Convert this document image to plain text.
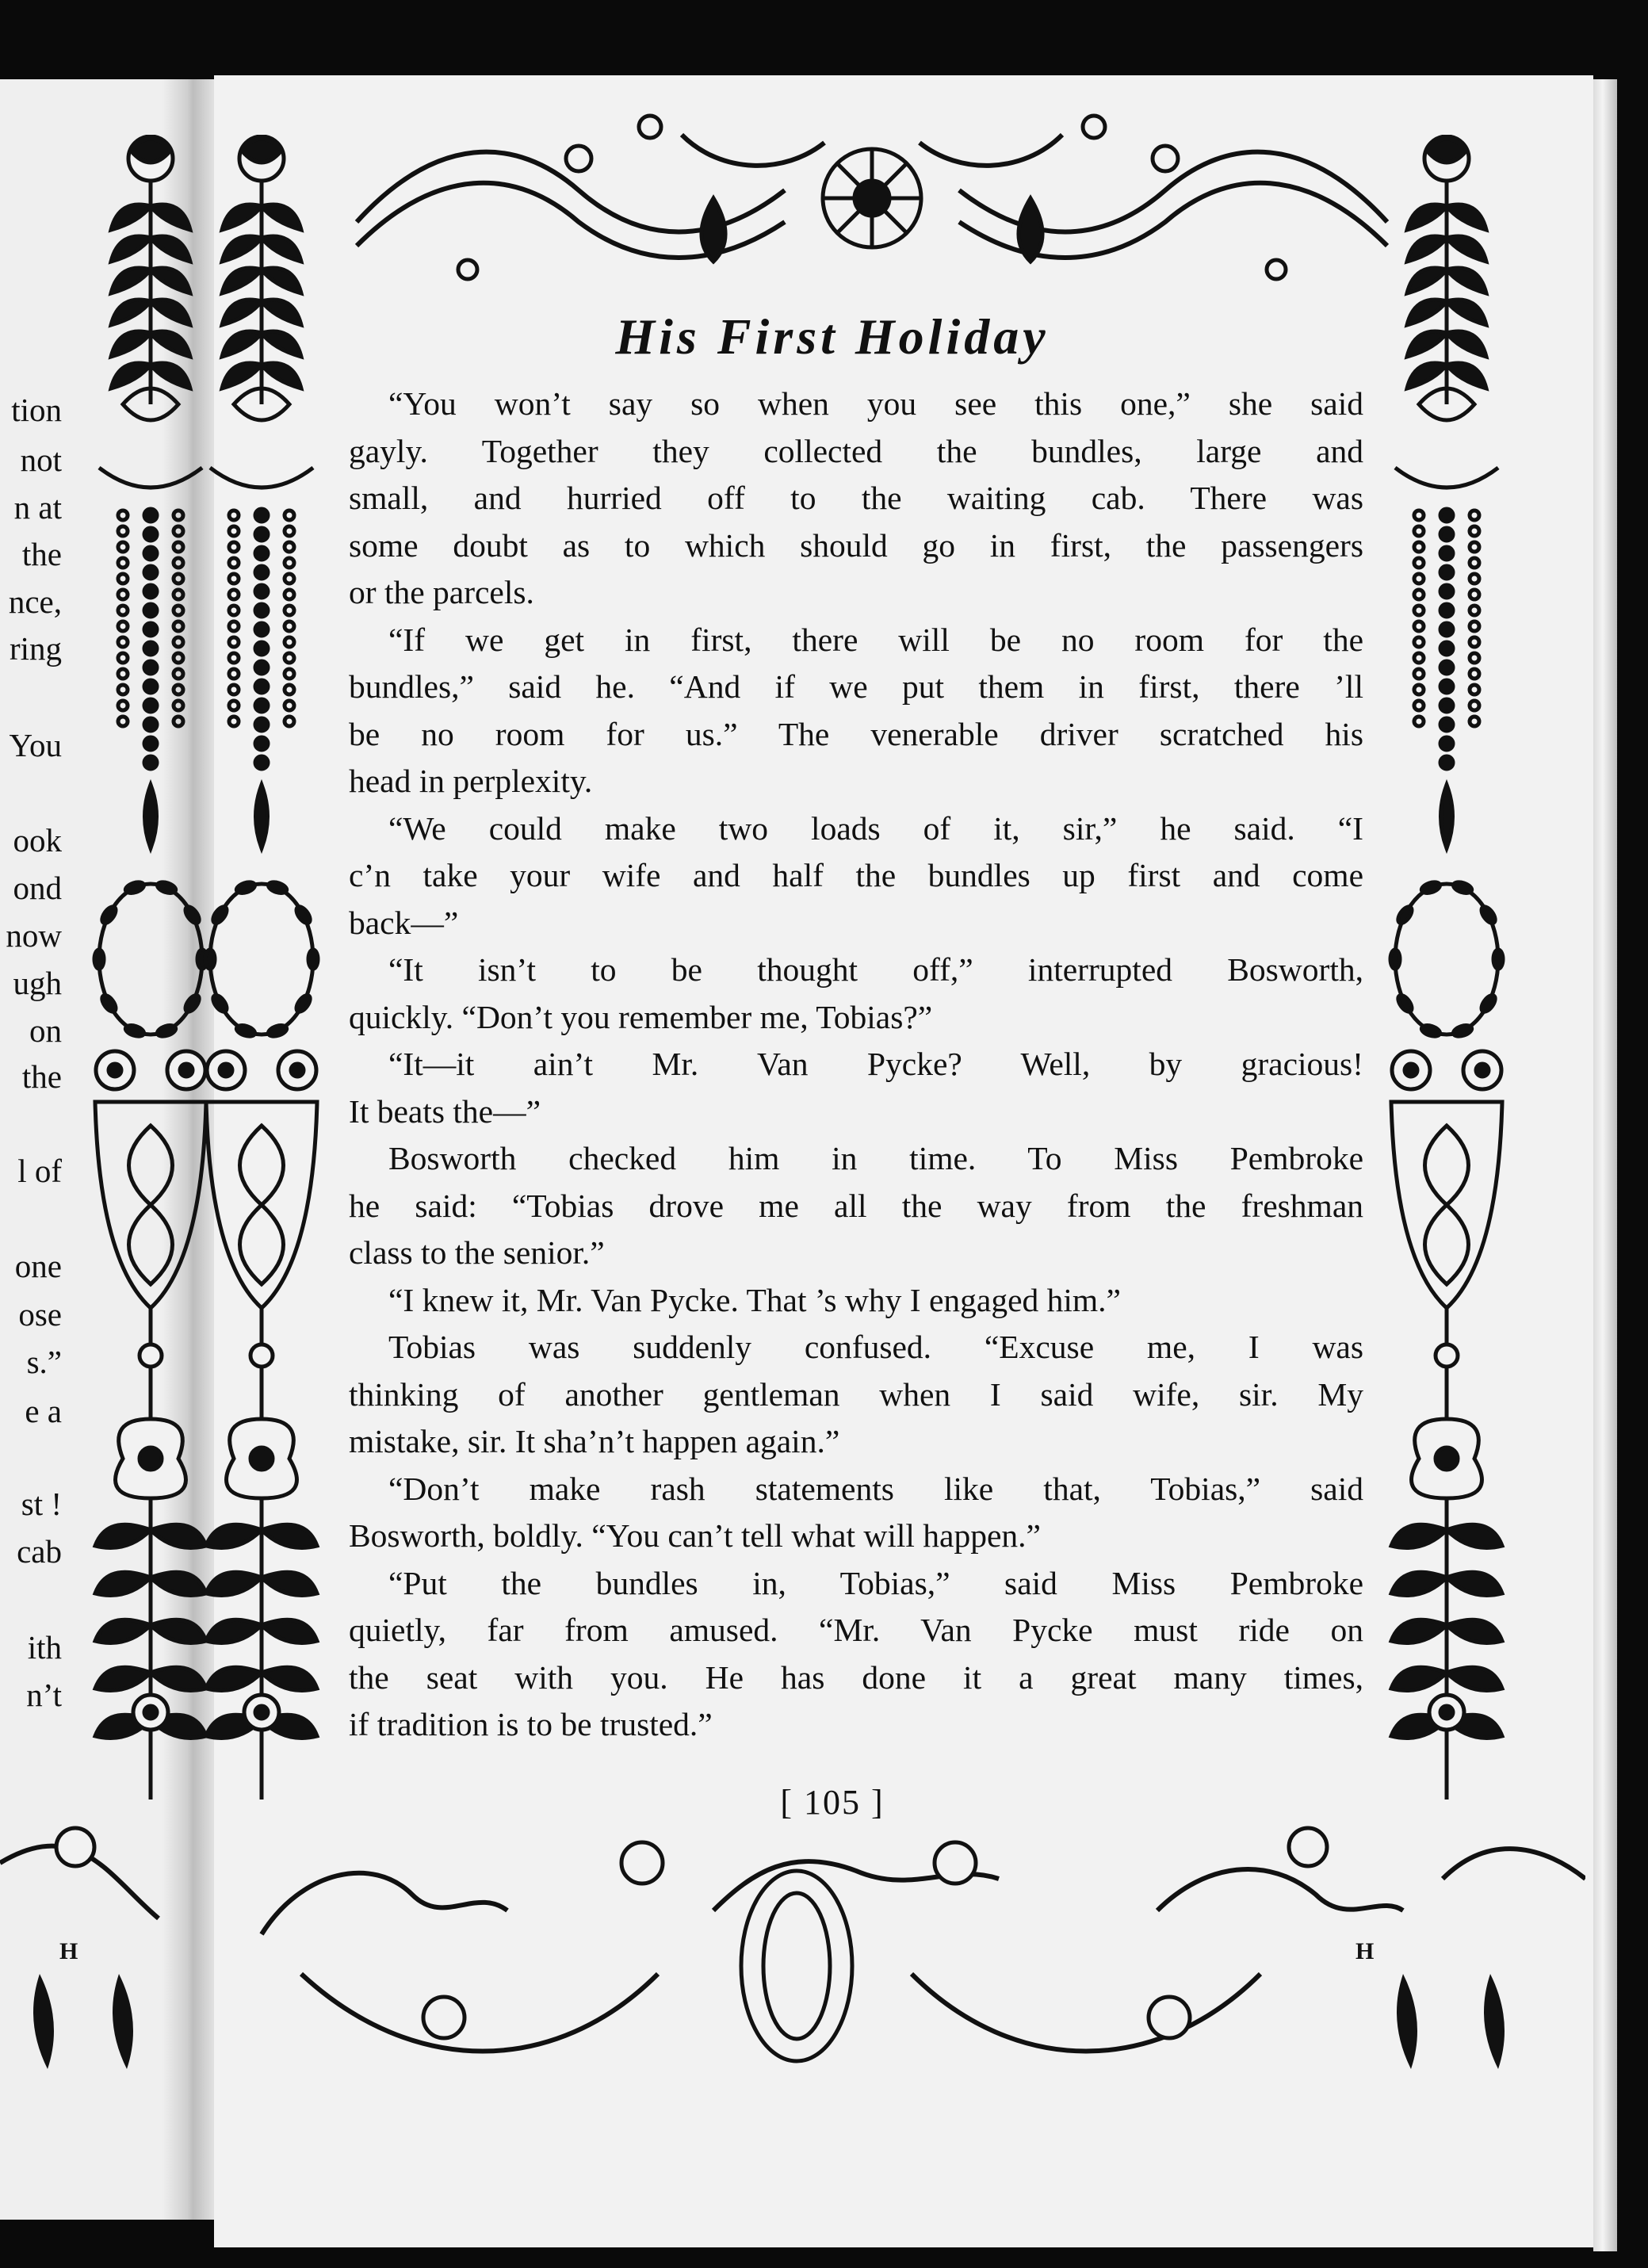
tion
not
n at
the
nce,
ring
You
ook
ond
now
ugh
on
the
l of
one
ose
s.”
e a
st !
cab
ith
n’t
H	H
His First Holiday

“You won’t say so when you see this one,” she said
gayly. Together they collected the bundles, large and
small, and hurried off to the waiting cab. There was
some doubt as to which should go in first, the passengers
or the parcels.

“If we get in first, there will be no room for the
bundles,” said he. “And if we put them in first, there ’ll
be no room for us.” The venerable driver scratched his
head in perplexity.

“We could make two loads of it, sir,” he said. “I
c’n take your wife and half the bundles up first and come
back—”

“It isn’t to be thought off,” interrupted Bosworth,
quickly. “Don’t you remember me, Tobias?”

“It—it ain’t Mr. Van Pycke? Well, by gracious!
It beats the—”

Bosworth checked him in time. To Miss Pembroke
he said: “Tobias drove me all the way from the freshman
class to the senior.”

“I knew it, Mr. Van Pycke. That ’s why I engaged him.”

Tobias was suddenly confused. “Excuse me, I was
thinking of another gentleman when I said wife, sir. My
mistake, sir. It sha’n’t happen again.”

“Don’t make rash statements like that, Tobias,” said
Bosworth, boldly. “You can’t tell what will happen.”

“Put the bundles in, Tobias,” said Miss Pembroke
quietly, far from amused. “Mr. Van Pycke must ride on
the seat with you. He has done it a great many times,
if tradition is to be trusted.”

[ 105 ]
